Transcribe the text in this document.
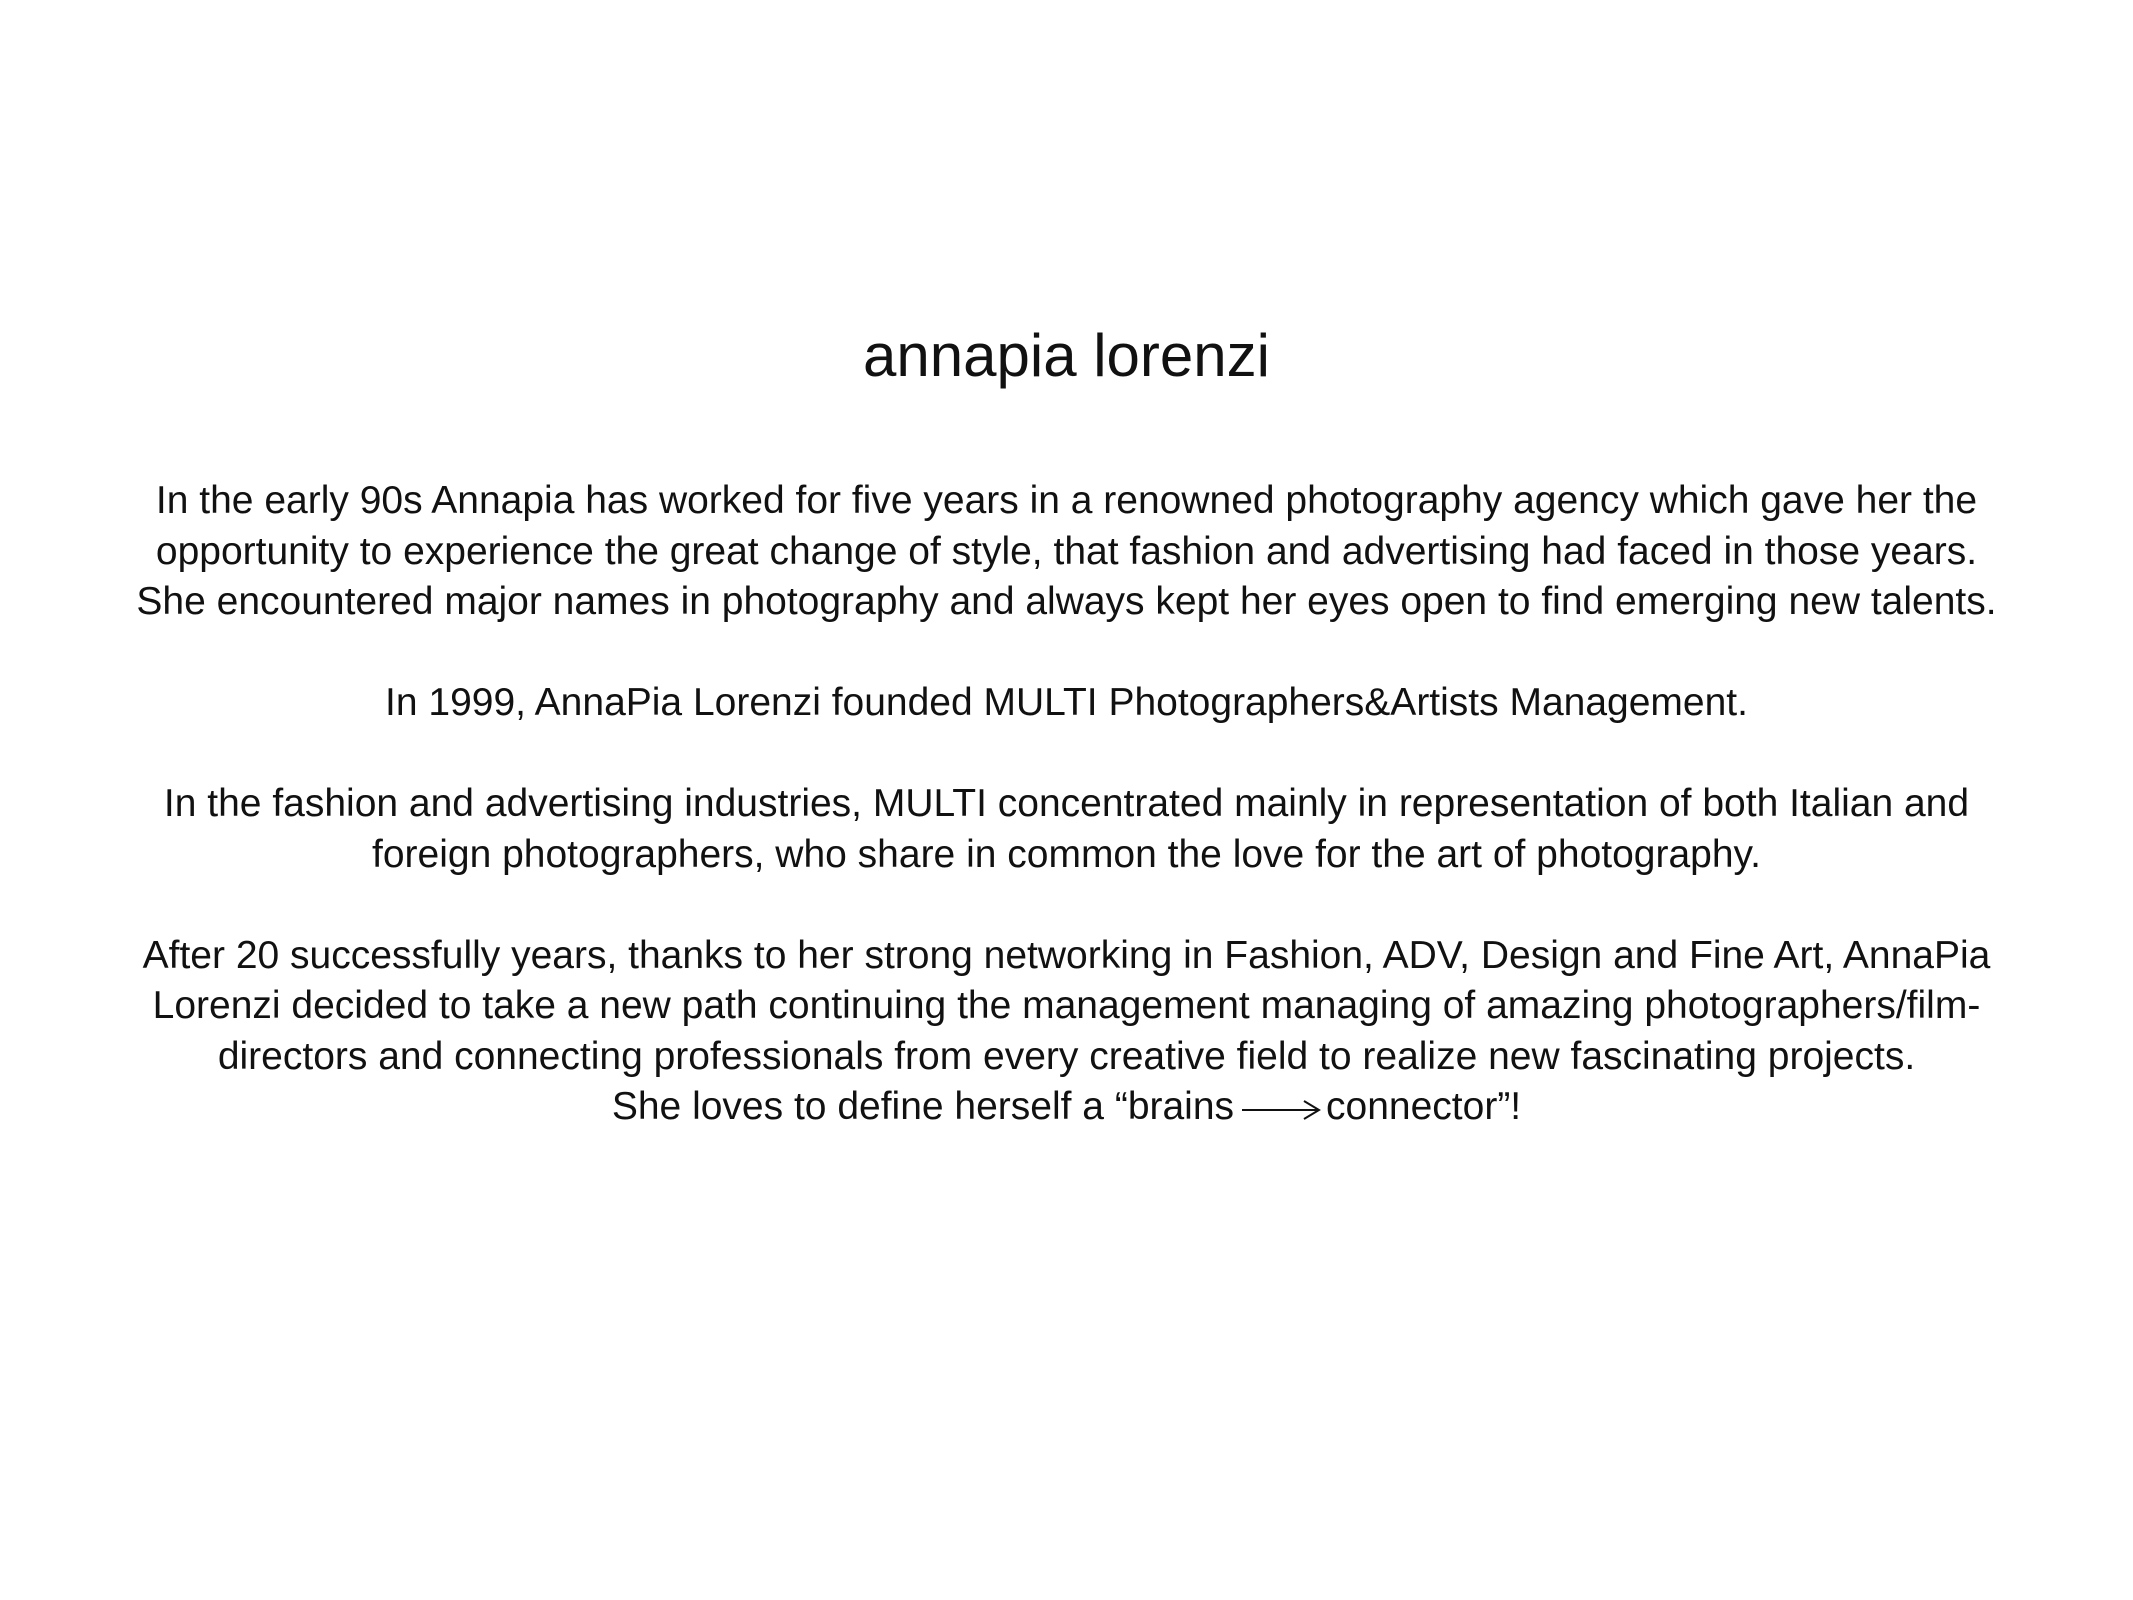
annapia lorenzi

In the early 90s Annapia has worked for five years in a renowned photography agency which gave her the opportunity to experience the great change of style, that fashion and advertising had faced in those years.

She encountered major names in photography and always kept her eyes open to find emerging new talents.

In 1999, AnnaPia Lorenzi founded MULTI Photographers&Artists Management.

In the fashion and advertising industries, MULTI concentrated mainly in representation of both Italian and foreign photographers, who share in common the love for the art of photography.

After 20 successfully years, thanks to her strong networking in Fashion, ADV, Design and Fine Art, AnnaPia Lorenzi decided to take a new path continuing the management managing of amazing photographers/film-directors and connecting professionals from every creative field to realize new fascinating projects.

She loves to define herself a “brains connector”!
